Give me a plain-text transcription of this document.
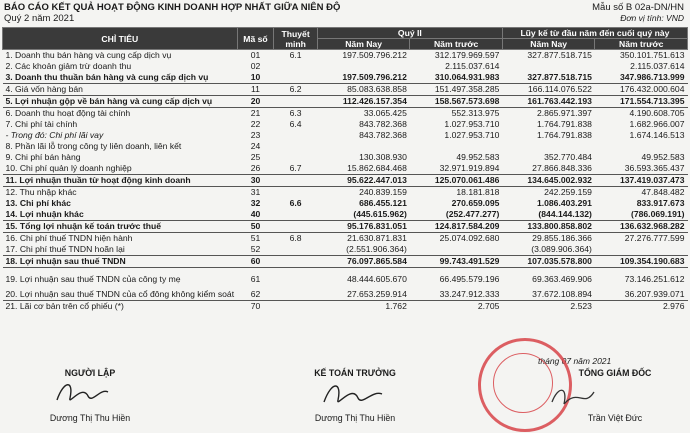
BÁO CÁO KẾT QUẢ HOẠT ĐỘNG KINH DOANH HỢP NHẤT GIỮA NIÊN ĐỘ
Quý 2 năm 2021
Mẫu số B 02a-DN/HN
Đơn vị tính: VND
CHỈ TIÊU	Mã số	Thuyết minh	Quý II		Lũy kế từ đầu năm đến cuối quý này	
			Năm Nay	Năm trước	Năm Nay	Năm trước
1. Doanh thu bán hàng và cung cấp dịch vụ	01	6.1	197.509.796.212	312.179.969.597	327.877.518.715	350.101.751.613
2. Các khoản giảm trừ doanh thu	02			2.115.037.614		2.115.037.614
3. Doanh thu thuần bán hàng và cung cấp dịch vụ	10		197.509.796.212	310.064.931.983	327.877.518.715	347.986.713.999
4. Giá vốn hàng bán	11	6.2	85.083.638.858	151.497.358.285	166.114.076.522	176.432.000.604
5. Lợi nhuận gộp về bán hàng và cung cấp dịch vụ	20		112.426.157.354	158.567.573.698	161.763.442.193	171.554.713.395
6. Doanh thu hoạt động tài chính	21	6.3	33.065.425	552.313.975	2.865.971.397	4.190.608.705
7. Chi phí tài chính	22	6.4	843.782.368	1.027.953.710	1.764.791.838	1.682.966.007
- Trong đó: Chi phí lãi vay	23		843.782.368	1.027.953.710	1.764.791.838	1.674.146.513
8. Phần lãi lỗ trong công ty liên doanh, liên kết	24					
9. Chi phí bán hàng	25		130.308.930	49.952.583	352.770.484	49.952.583
10. Chi phí quản lý doanh nghiệp	26	6.7	15.862.684.468	32.971.919.894	27.866.848.336	36.593.365.437
11. Lợi nhuận thuần từ hoạt động kinh doanh	30		95.622.447.013	125.070.061.486	134.645.002.932	137.419.037.473
12. Thu nhập khác	31		240.839.159	18.181.818	242.259.159	47.848.482
13. Chi phí khác	32	6.6	686.455.121	270.659.095	1.086.403.291	833.917.673
14. Lợi nhuận khác	40		(445.615.962)	(252.477.277)	(844.144.132)	(786.069.191)
15. Tổng lợi nhuận kế toán trước thuế	50		95.176.831.051	124.817.584.209	133.800.858.802	136.632.968.282
16. Chi phí thuế TNDN hiện hành	51	6.8	21.630.871.831	25.074.092.680	29.855.186.366	27.276.777.599
17. Chi phí thuế TNDN hoãn lại	52		(2.551.906.364)		(3.089.906.364)	
18. Lợi nhuận sau thuế TNDN	60		76.097.865.584	99.743.491.529	107.035.578.800	109.354.190.683
19. Lợi nhuận sau thuế TNDN của công ty mẹ	61		48.444.605.670	66.495.579.196	69.363.469.906	73.146.251.612
20. Lợi nhuận sau thuế TNDN của cổ đông không kiểm soát	62		27.653.259.914	33.247.912.333	37.672.108.894	36.207.939.071
21. Lãi cơ bản trên cổ phiếu (*)	70		1.762	2.705	2.523	2.976
NGƯỜI LẬP
Dương Thị Thu Hiền
KẾ TOÁN TRƯỞNG
Dương Thị Thu Hiền
tháng 07 năm 2021
TỔNG GIÁM ĐỐC
Trần Việt Đức
